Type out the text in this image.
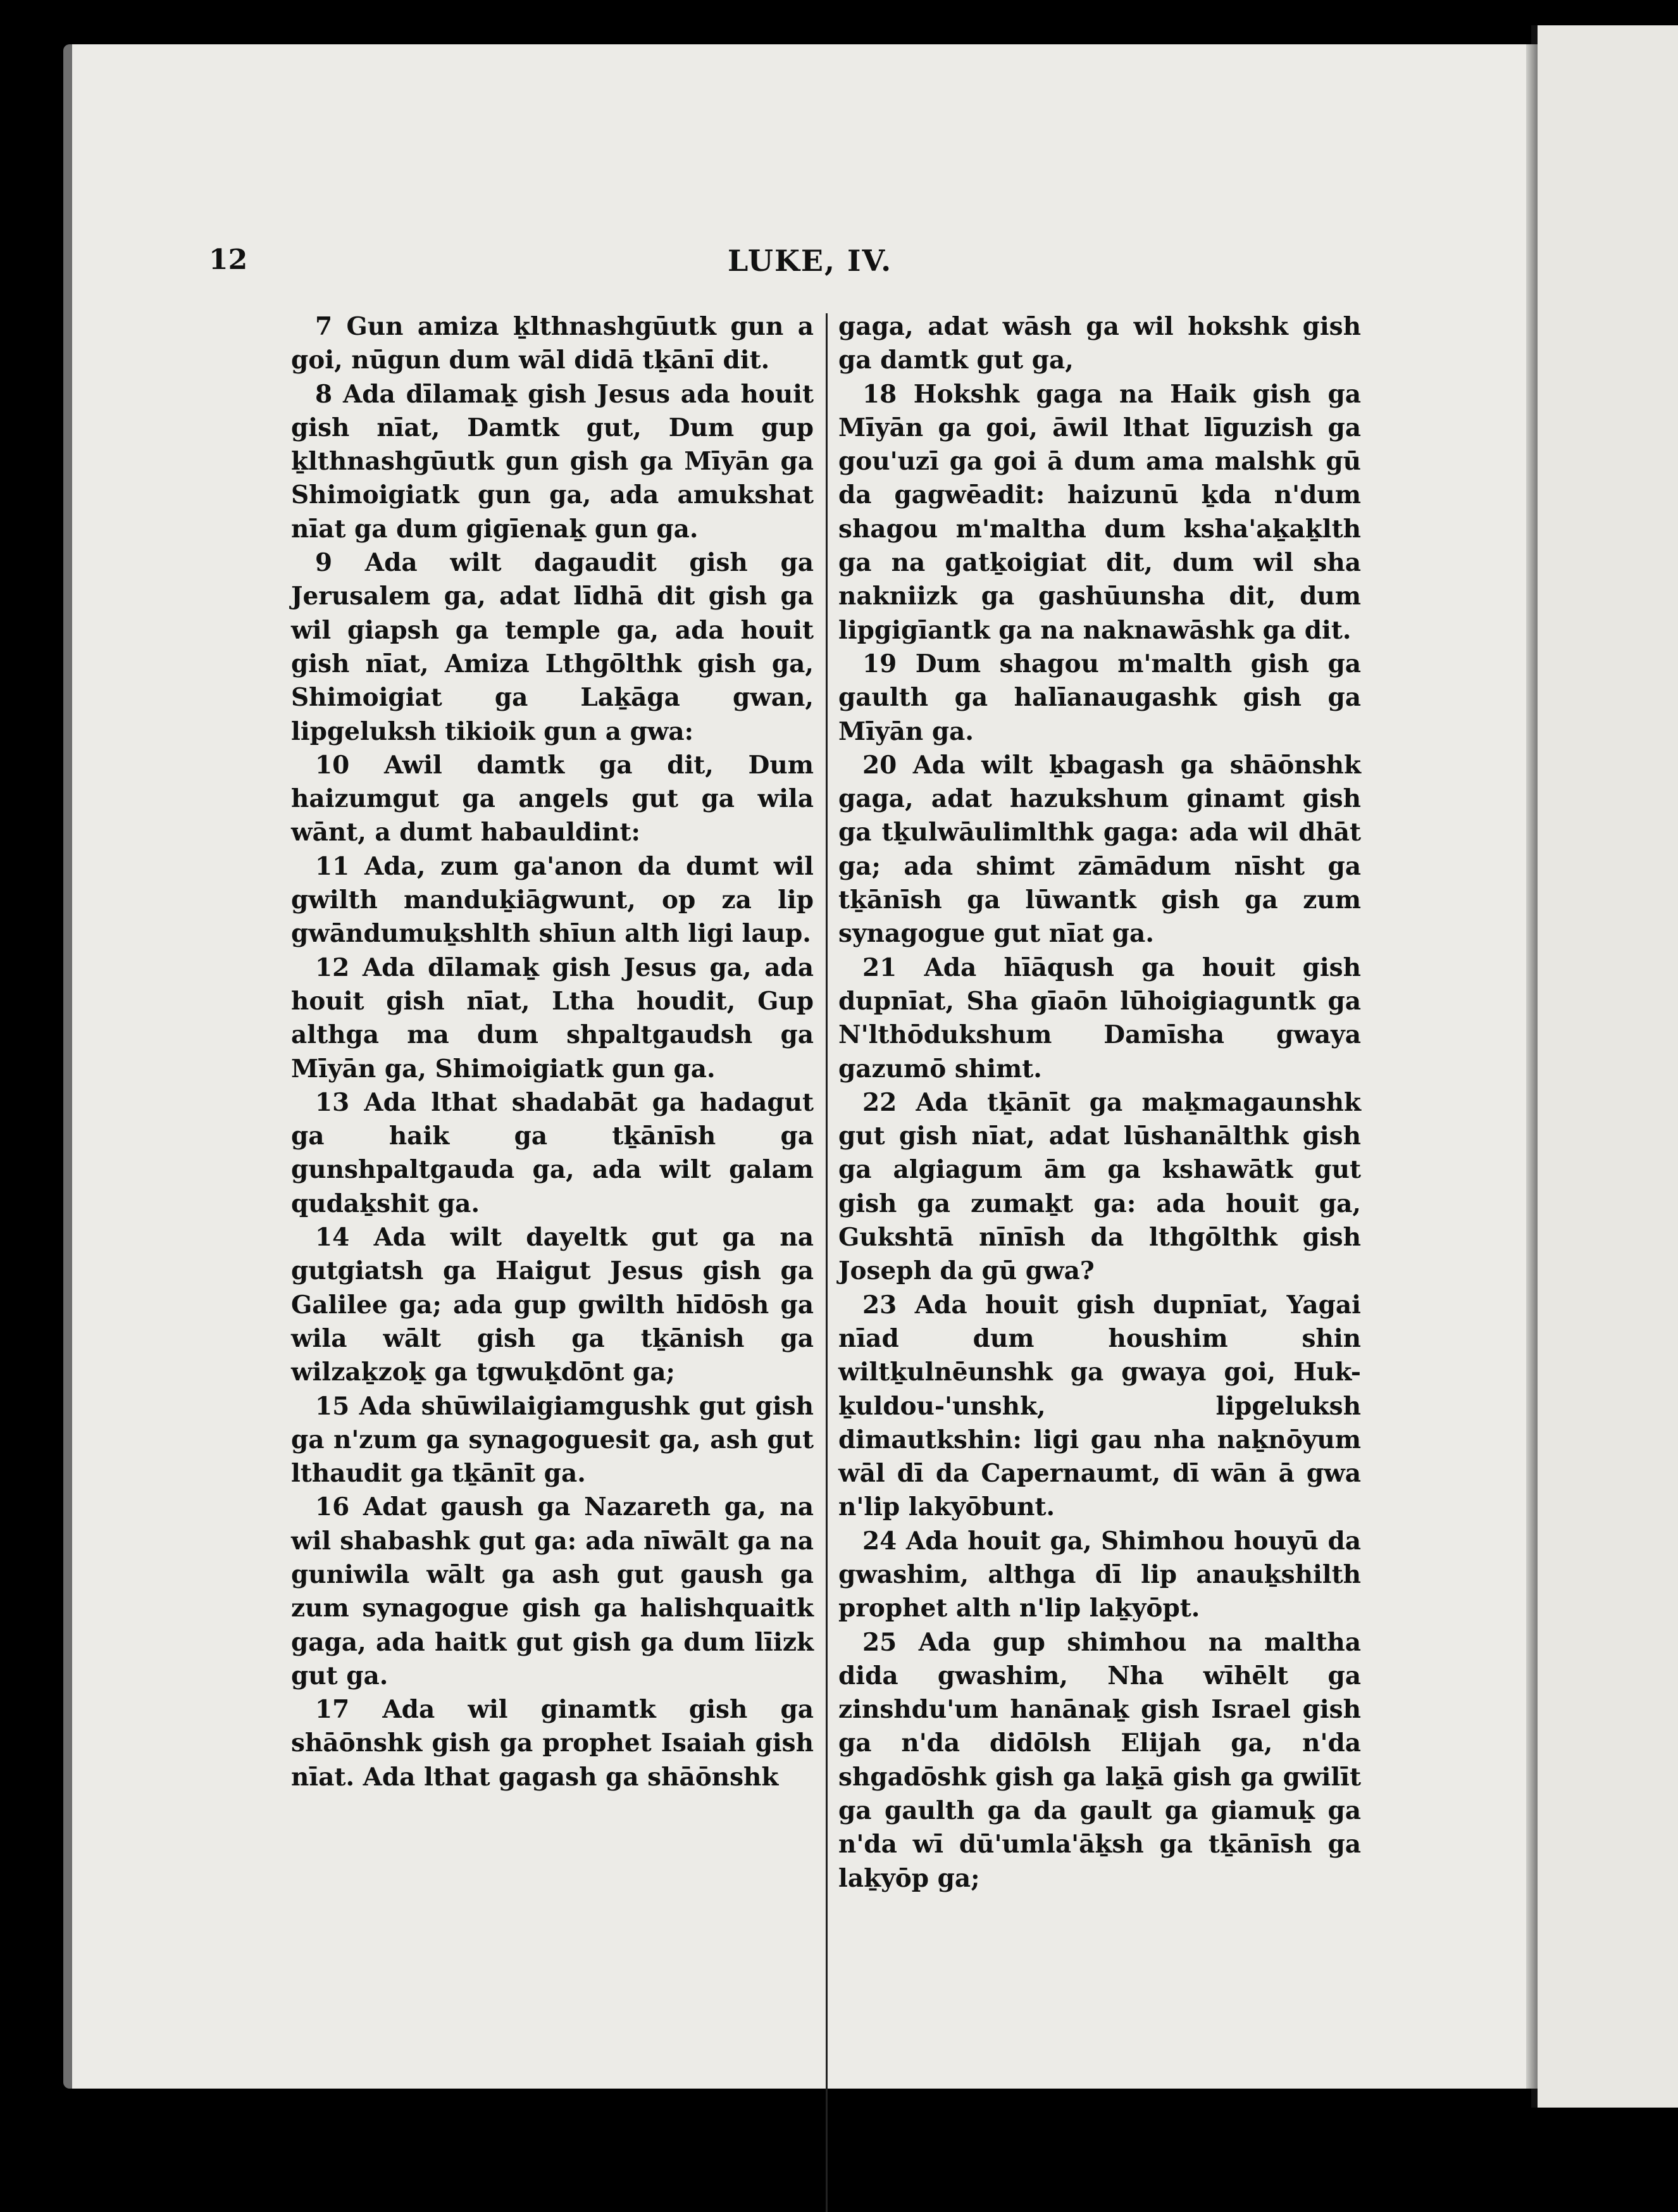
12	LUKE, IV.

7 Gun amiza ḵlthnashgūutk gun a goi, nūgun dum wāl didā tḵānī dit.

8 Ada dīlamaḵ gish Jesus ada houit gish nīat, Damtk gut, Dum gup ḵlthnashgūutk gun gish ga Mīyān ga Shimoigiatk gun ga, ada amukshat nīat ga dum gigīenaḵ gun ga.

9 Ada wilt dagaudit gish ga Jerusalem ga, adat līdhā dit gish ga wil giapsh ga temple ga, ada houit gish nīat, Amiza Lthgōlthk gish ga, Shimoigiat ga Laḵāga gwan, lipgeluksh tikioik gun a gwa:

10 Awil damtk ga dit, Dum haizumgut ga angels gut ga wila wānt, a dumt habauldint:

11 Ada, zum ga'anon da dumt wil gwilth manduḵiāgwunt, op za lip gwāndumuḵshlth shīun alth ligi laup.

12 Ada dīlamaḵ gish Jesus ga, ada houit gish nīat, Ltha houdit, Gup althga ma dum shpaltgaudsh ga Mīyān ga, Shimoigiatk gun ga.

13 Ada lthat shadabāt ga hadagut ga haik ga tḵānīsh ga gunshpaltgauda ga, ada wilt galam qudaḵshit ga.

14 Ada wilt dayeltk gut ga na gutgiatsh ga Haigut Jesus gish ga Galilee ga; ada gup gwilth hīdōsh ga wila wālt gish ga tḵānish ga wilzaḵzoḵ ga tgwuḵdōnt ga;

15 Ada shūwilaigiamgushk gut gish ga n'zum ga synagoguesit ga, ash gut lthaudit ga tḵānīt ga.

16 Adat gaush ga Nazareth ga, na wil shabashk gut ga: ada nīwālt ga na guniwila wālt ga ash gut gaush ga zum synagogue gish ga halishquaitk gaga, ada haitk gut gish ga dum līizk gut ga.

17 Ada wil ginamtk gish ga shāōnshk gish ga prophet Isaiah gish nīat. Ada lthat gagash ga shāōnshk

gaga, adat wāsh ga wil hokshk gish ga damtk gut ga,

18 Hokshk gaga na Haik gish ga Mīyān ga goi, āwil lthat līguzish ga gou'uzī ga goi ā dum ama malshk gū da gagwēadit: haizunū ḵda n'dum shagou m'maltha dum ksha'aḵaḵlth ga na gatḵoigiat dit, dum wil sha nakniizk ga gashūunsha dit, dum lipgigīantk ga na naknawāshk ga dit.

19 Dum shagou m'malth gish ga gaulth ga halīanaugashk gish ga Mīyān ga.

20 Ada wilt ḵbagash ga shāōnshk gaga, adat hazukshum ginamt gish ga tḵulwāulimlthk gaga: ada wil dhāt ga; ada shimt zāmādum nīsht ga tḵānīsh ga lūwantk gish ga zum synagogue gut nīat ga.

21 Ada hīāqush ga houit gish dupnīat, Sha gīaōn lūhoigiaguntk ga N'lthōdukshum Damīsha gwaya gazumō shimt.

22 Ada tḵānīt ga maḵmagaunshk gut gish nīat, adat lūshanālthk gish ga algiagum ām ga kshawātk gut gish ga zumaḵt ga: ada houit ga, Gukshtā nīnīsh da lthgōlthk gish Joseph da gū gwa?

23 Ada houit gish dupnīat, Yagai nīad dum houshim shin wiltḵulnēunshk ga gwaya goi, Huk-ḵuldou-'unshk, lipgeluksh dimautkshin: ligi gau nha naḵnōyum wāl dī da Capernaumt, dī wān ā gwa n'lip lakyōbunt.

24 Ada houit ga, Shimhou houyū da gwashim, althga dī lip anauḵshilth prophet alth n'lip laḵyōpt.

25 Ada gup shimhou na maltha dida gwashim, Nha wīhēlt ga zinshdu'um hanānaḵ gish Israel gish ga n'da didōlsh Elijah ga, n'da shgadōshk gish ga laḵā gish ga gwilīt ga gaulth ga da gault ga giamuḵ ga n'da wī dū'umla'āḵsh ga tḵānīsh ga laḵyōp ga;
